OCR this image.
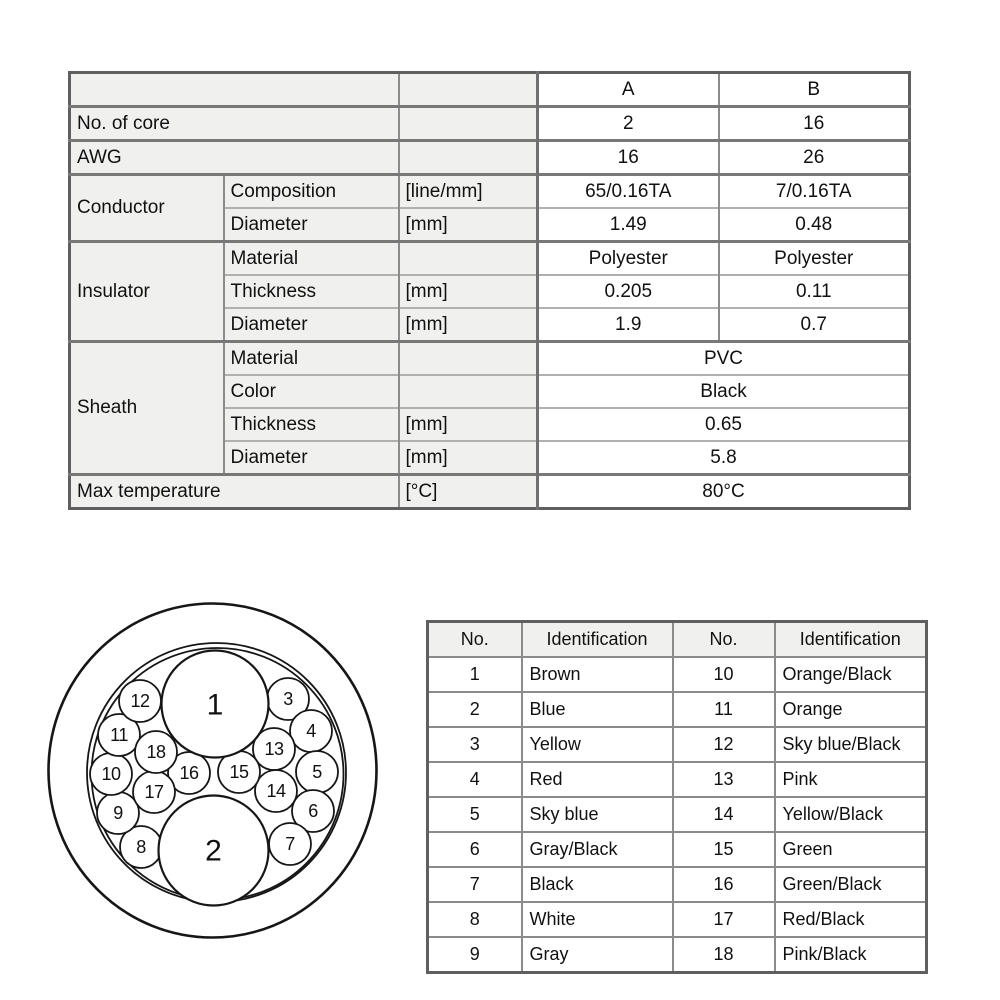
			A	B
No. of core			2	16
AWG			16	26
Conductor	Composition	[line/mm]	65/0.16TA	7/0.16TA
	Diameter	[mm]	1.49	0.48
Insulator	Material		Polyester	Polyester
	Thickness	[mm]	0.205	0.11
	Diameter	[mm]	1.9	0.7
Sheath	Material		PVC	
	Color		Black	
	Thickness	[mm]	0.65	
	Diameter	[mm]	5.8	
Max temperature		[°C]	80°C	
3
4
5
6
7
8
9
10
11
12
13
14
15
16
17
18
1
2
No.	Identification	No.	Identification
1	Brown	10	Orange/Black
2	Blue	11	Orange
3	Yellow	12	Sky blue/Black
4	Red	13	Pink
5	Sky blue	14	Yellow/Black
6	Gray/Black	15	Green
7	Black	16	Green/Black
8	White	17	Red/Black
9	Gray	18	Pink/Black
